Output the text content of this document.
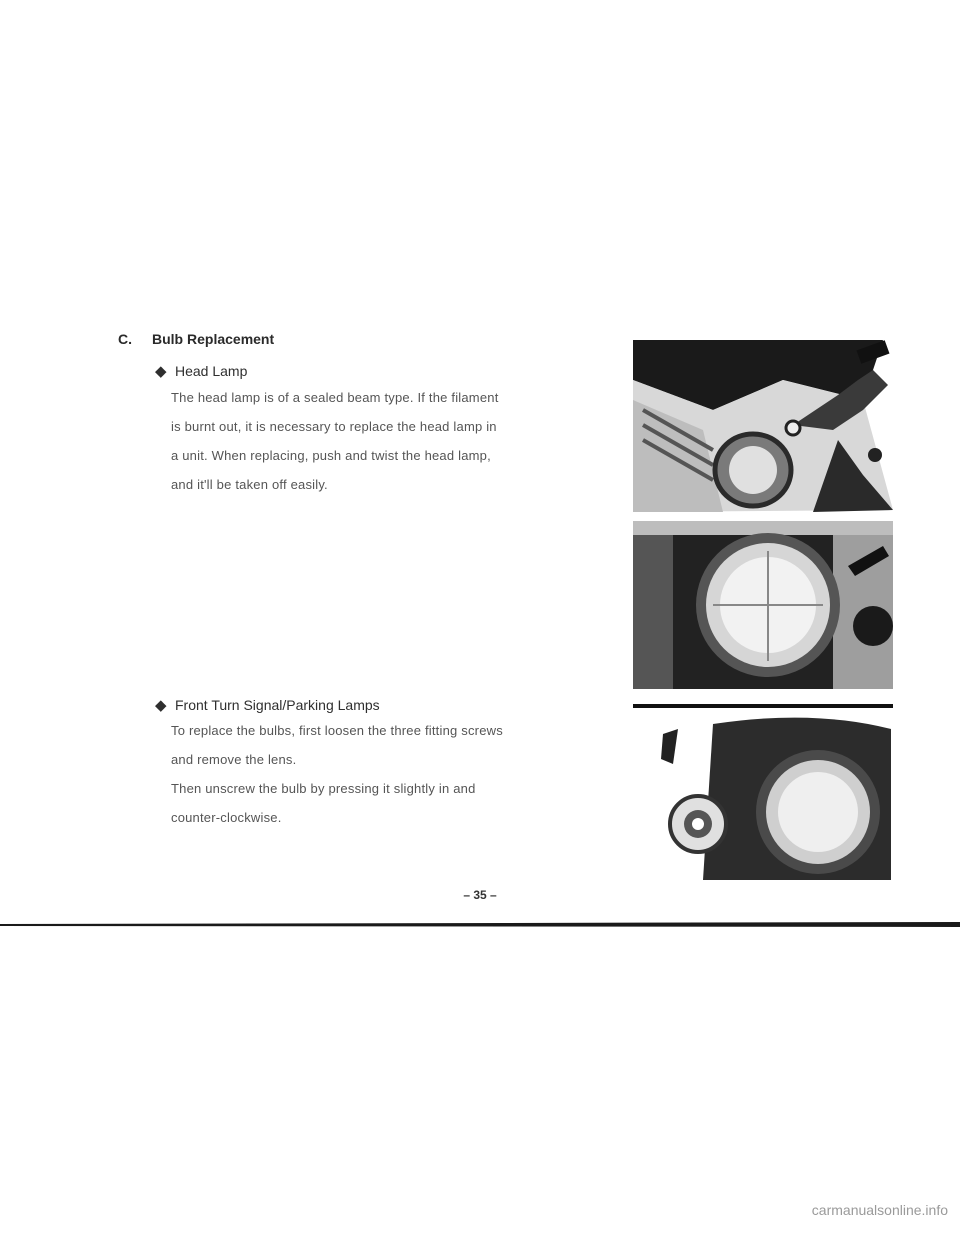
C. Bulb Replacement
◆ Head Lamp
The head lamp is of a sealed beam type. If the filament
is burnt out, it is necessary to replace the head lamp in
a unit. When replacing, push and twist the head lamp,
and it'll be taken off easily.
◆ Front Turn Signal/Parking Lamps
To replace the bulbs, first loosen the three fitting screws
and remove the lens.
Then unscrew the bulb by pressing it slightly in and
counter-clockwise.
– 35 –
carmanualsonline.info
